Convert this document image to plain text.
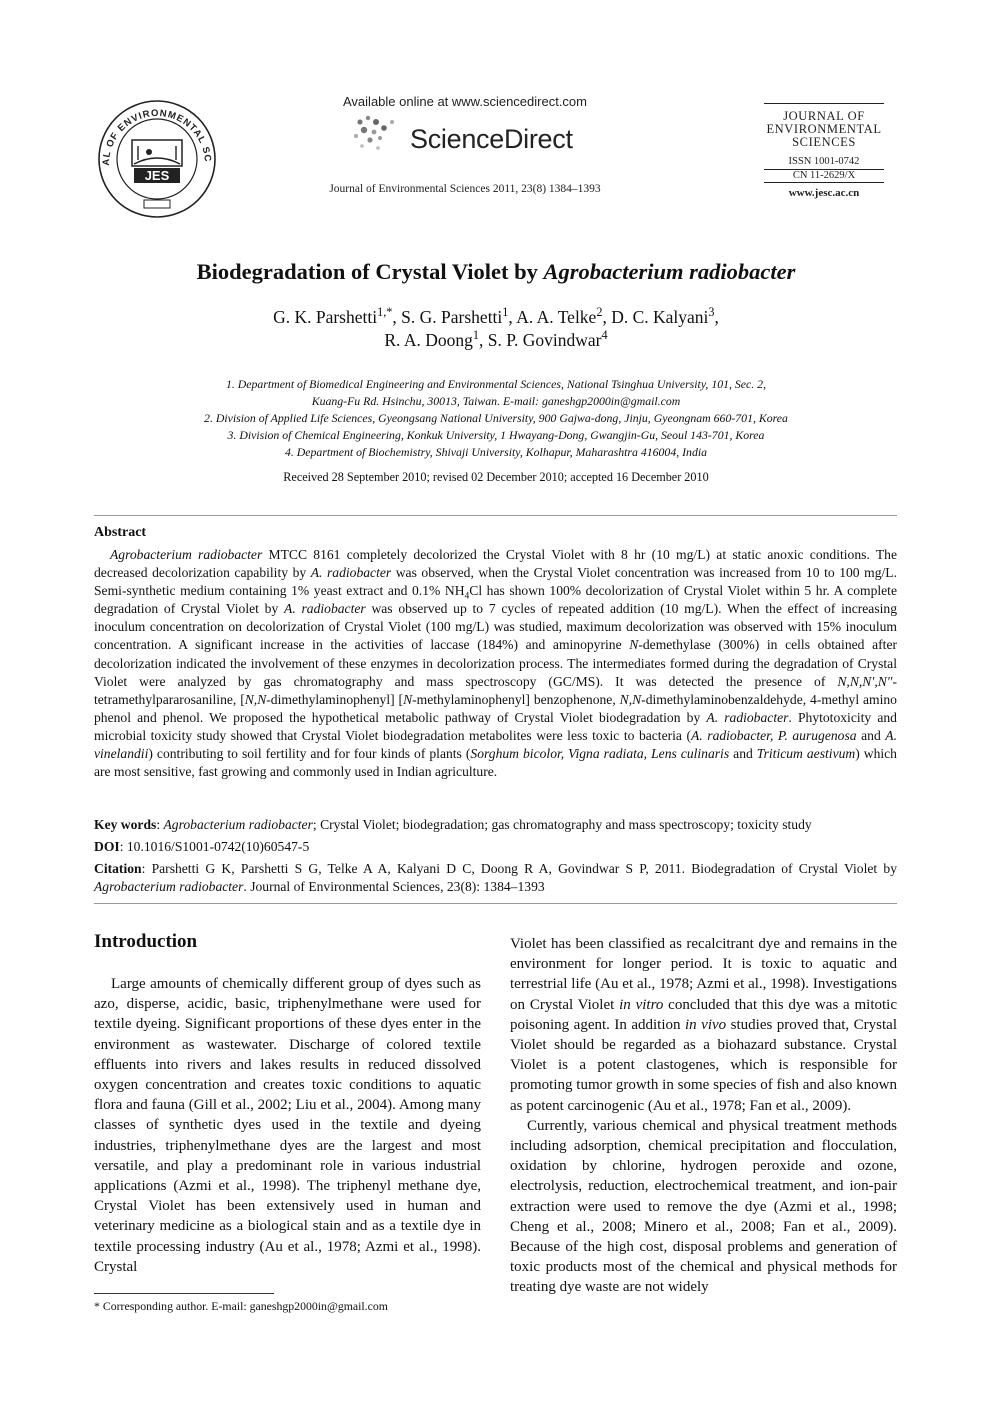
AL OF ENVIRONMENTAL SC
JES
Available online at www.sciencedirect.com
ScienceDirect
Journal of Environmental Sciences 2011, 23(8) 1384–1393
JOURNAL OF
ENVIRONMENTAL
SCIENCES
ISSN 1001-0742
CN 11-2629/X
www.jesc.ac.cn
Biodegradation of Crystal Violet by Agrobacterium radiobacter
G. K. Parshetti$^{1,*}$, S. G. Parshetti$^1$, A. A. Telke$^2$, D. C. Kalyani$^3$,
R. A. Doong$^1$, S. P. Govindwar$^4$
1. Department of Biomedical Engineering and Environmental Sciences, National Tsinghua University, 101, Sec. 2,
Kuang-Fu Rd. Hsinchu, 30013, Taiwan. E-mail: ganeshgp2000in@gmail.com
2. Division of Applied Life Sciences, Gyeongsang National University, 900 Gajwa-dong, Jinju, Gyeongnam 660-701, Korea
3. Division of Chemical Engineering, Konkuk University, 1 Hwayang-Dong, Gwangjin-Gu, Seoul 143-701, Korea
4. Department of Biochemistry, Shivaji University, Kolhapur, Maharashtra 416004, India
Received 28 September 2010; revised 02 December 2010; accepted 16 December 2010
Abstract
Agrobacterium radiobacter MTCC 8161 completely decolorized the Crystal Violet with 8 hr (10 mg/L) at static anoxic conditions. The decreased decolorization capability by A. radiobacter was observed, when the Crystal Violet concentration was increased from 10 to 100 mg/L. Semi-synthetic medium containing 1% yeast extract and 0.1% $NH_4Cl$ has shown 100% decolorization of Crystal Violet within 5 hr. A complete degradation of Crystal Violet by A. radiobacter was observed up to 7 cycles of repeated addition (10 mg/L). When the effect of increasing inoculum concentration on decolorization of Crystal Violet (100 mg/L) was studied, maximum decolorization was observed with 15% inoculum concentration. A significant increase in the activities of laccase (184%) and aminopyrine N-demethylase (300%) in cells obtained after decolorization indicated the involvement of these enzymes in decolorization process. The intermediates formed during the degradation of Crystal Violet were analyzed by gas chromatography and mass spectroscopy (GC/MS). It was detected the presence of N,N,N′,N″-tetramethylpararosaniline, [N,N-dimethylaminophenyl] [N-methylaminophenyl] benzophenone, N,N-dimethylaminobenzaldehyde, 4-methyl amino phenol and phenol. We proposed the hypothetical metabolic pathway of Crystal Violet biodegradation by A. radiobacter. Phytotoxicity and microbial toxicity study showed that Crystal Violet biodegradation metabolites were less toxic to bacteria (A. radiobacter, P. aurugenosa and A. vinelandii) contributing to soil fertility and for four kinds of plants (Sorghum bicolor, Vigna radiata, Lens culinaris and Triticum aestivum) which are most sensitive, fast growing and commonly used in Indian agriculture.
Key words: Agrobacterium radiobacter; Crystal Violet; biodegradation; gas chromatography and mass spectroscopy; toxicity study
DOI: 10.1016/S1001-0742(10)60547-5
Citation: Parshetti G K, Parshetti S G, Telke A A, Kalyani D C, Doong R A, Govindwar S P, 2011. Biodegradation of Crystal Violet by Agrobacterium radiobacter. Journal of Environmental Sciences, 23(8): 1384–1393
Introduction

Large amounts of chemically different group of dyes such as azo, disperse, acidic, basic, triphenylmethane were used for textile dyeing. Significant proportions of these dyes enter in the environment as wastewater. Discharge of colored textile effluents into rivers and lakes results in reduced dissolved oxygen concentration and creates toxic conditions to aquatic flora and fauna (Gill et al., 2002; Liu et al., 2004). Among many classes of synthetic dyes used in the textile and dyeing industries, triphenylmethane dyes are the largest and most versatile, and play a predominant role in various industrial applications (Azmi et al., 1998). The triphenyl methane dye, Crystal Violet has been extensively used in human and veterinary medicine as a biological stain and as a textile dye in textile processing industry (Au et al., 1978; Azmi et al., 1998). Crystal

Violet has been classified as recalcitrant dye and remains in the environment for longer period. It is toxic to aquatic and terrestrial life (Au et al., 1978; Azmi et al., 1998). Investigations on Crystal Violet in vitro concluded that this dye was a mitotic poisoning agent. In addition in vivo studies proved that, Crystal Violet should be regarded as a biohazard substance. Crystal Violet is a potent clastogenes, which is responsible for promoting tumor growth in some species of fish and also known as potent carcinogenic (Au et al., 1978; Fan et al., 2009).

Currently, various chemical and physical treatment methods including adsorption, chemical precipitation and flocculation, oxidation by chlorine, hydrogen peroxide and ozone, electrolysis, reduction, electrochemical treatment, and ion-pair extraction were used to remove the dye (Azmi et al., 1998; Cheng et al., 2008; Minero et al., 2008; Fan et al., 2009). Because of the high cost, disposal problems and generation of toxic products most of the chemical and physical methods for treating dye waste are not widely

* Corresponding author. E-mail: ganeshgp2000in@gmail.com
